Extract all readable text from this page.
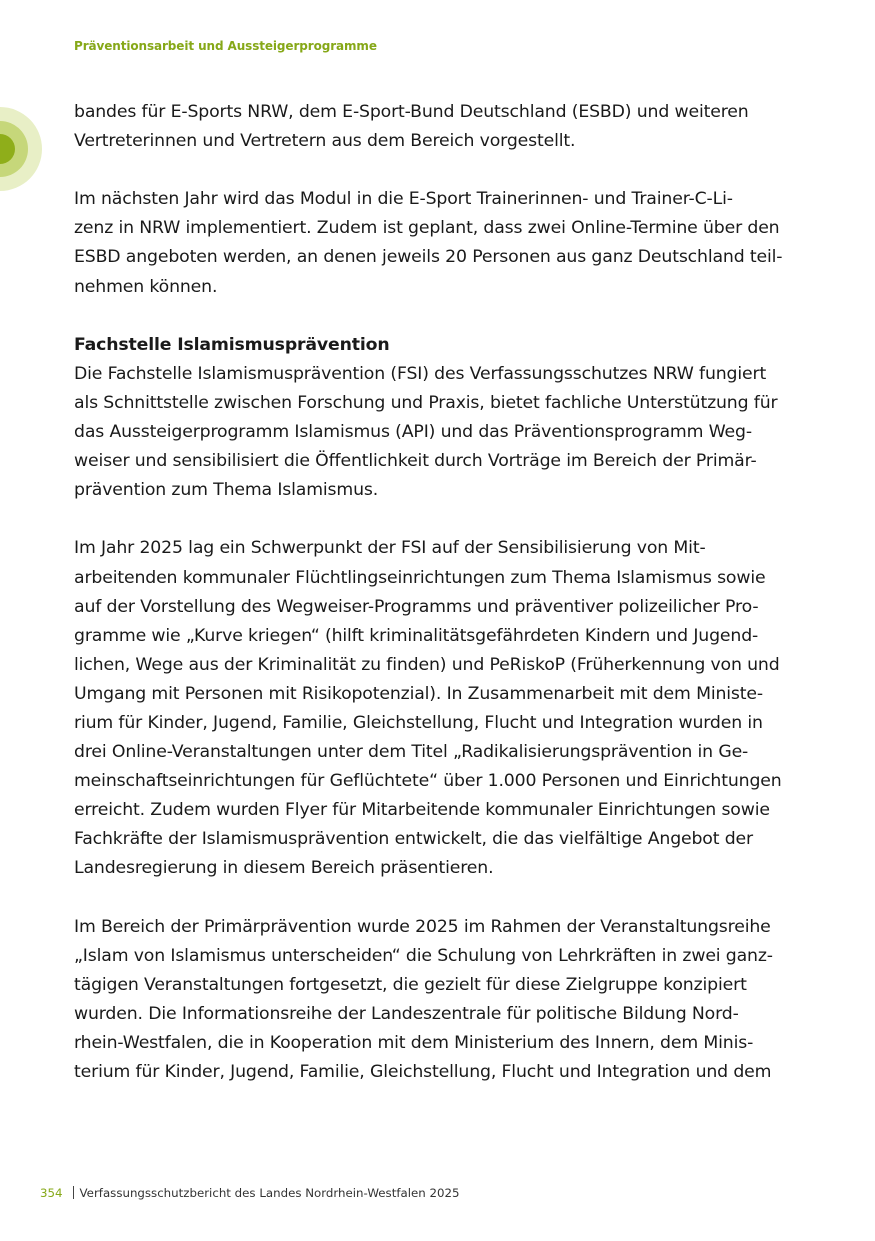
Präventionsarbeit und Aussteigerprogramme
bandes für E-Sports NRW, dem E-Sport-Bund Deutschland (ESBD) und weiteren
Vertreterinnen und Vertretern aus dem Bereich vorgestellt.
Im nächsten Jahr wird das Modul in die E-Sport Trainerinnen- und Trainer-C-Li-
zenz in NRW implementiert. Zudem ist geplant, dass zwei Online-Termine über den
ESBD angeboten werden, an denen jeweils 20 Personen aus ganz Deutschland teil-
nehmen können.
Fachstelle Islamismusprävention
Die Fachstelle Islamismusprävention (FSI) des Verfassungsschutzes NRW fungiert
als Schnittstelle zwischen Forschung und Praxis, bietet fachliche Unterstützung für
das Aussteigerprogramm Islamismus (API) und das Präventionsprogramm Weg-
weiser und sensibilisiert die Öffentlichkeit durch Vorträge im Bereich der Primär-
prävention zum Thema Islamismus.
Im Jahr 2025 lag ein Schwerpunkt der FSI auf der Sensibilisierung von Mit-
arbeitenden kommunaler Flüchtlingseinrichtungen zum Thema Islamismus sowie
auf der Vorstellung des Wegweiser-Programms und präventiver polizeilicher Pro-
gramme wie „Kurve kriegen“ (hilft kriminalitätsgefährdeten Kindern und Jugend-
lichen, Wege aus der Kriminalität zu finden) und PeRiskoP (Früherkennung von und
Umgang mit Personen mit Risikopotenzial). In Zusammenarbeit mit dem Ministe-
rium für Kinder, Jugend, Familie, Gleichstellung, Flucht und Integration wurden in
drei Online-Veranstaltungen unter dem Titel „Radikalisierungsprävention in Ge-
meinschaftseinrichtungen für Geflüchtete“ über 1.000 Personen und Einrichtungen
erreicht. Zudem wurden Flyer für Mitarbeitende kommunaler Einrichtungen sowie
Fachkräfte der Islamismusprävention entwickelt, die das vielfältige Angebot der
Landesregierung in diesem Bereich präsentieren.
Im Bereich der Primärprävention wurde 2025 im Rahmen der Veranstaltungsreihe
„Islam von Islamismus unterscheiden“ die Schulung von Lehrkräften in zwei ganz-
tägigen Veranstaltungen fortgesetzt, die gezielt für diese Zielgruppe konzipiert
wurden. Die Informationsreihe der Landeszentrale für politische Bildung Nord-
rhein-Westfalen, die in Kooperation mit dem Ministerium des Innern, dem Minis-
terium für Kinder, Jugend, Familie, Gleichstellung, Flucht und Integration und dem
354 Verfassungsschutzbericht des Landes Nordrhein-Westfalen 2025
